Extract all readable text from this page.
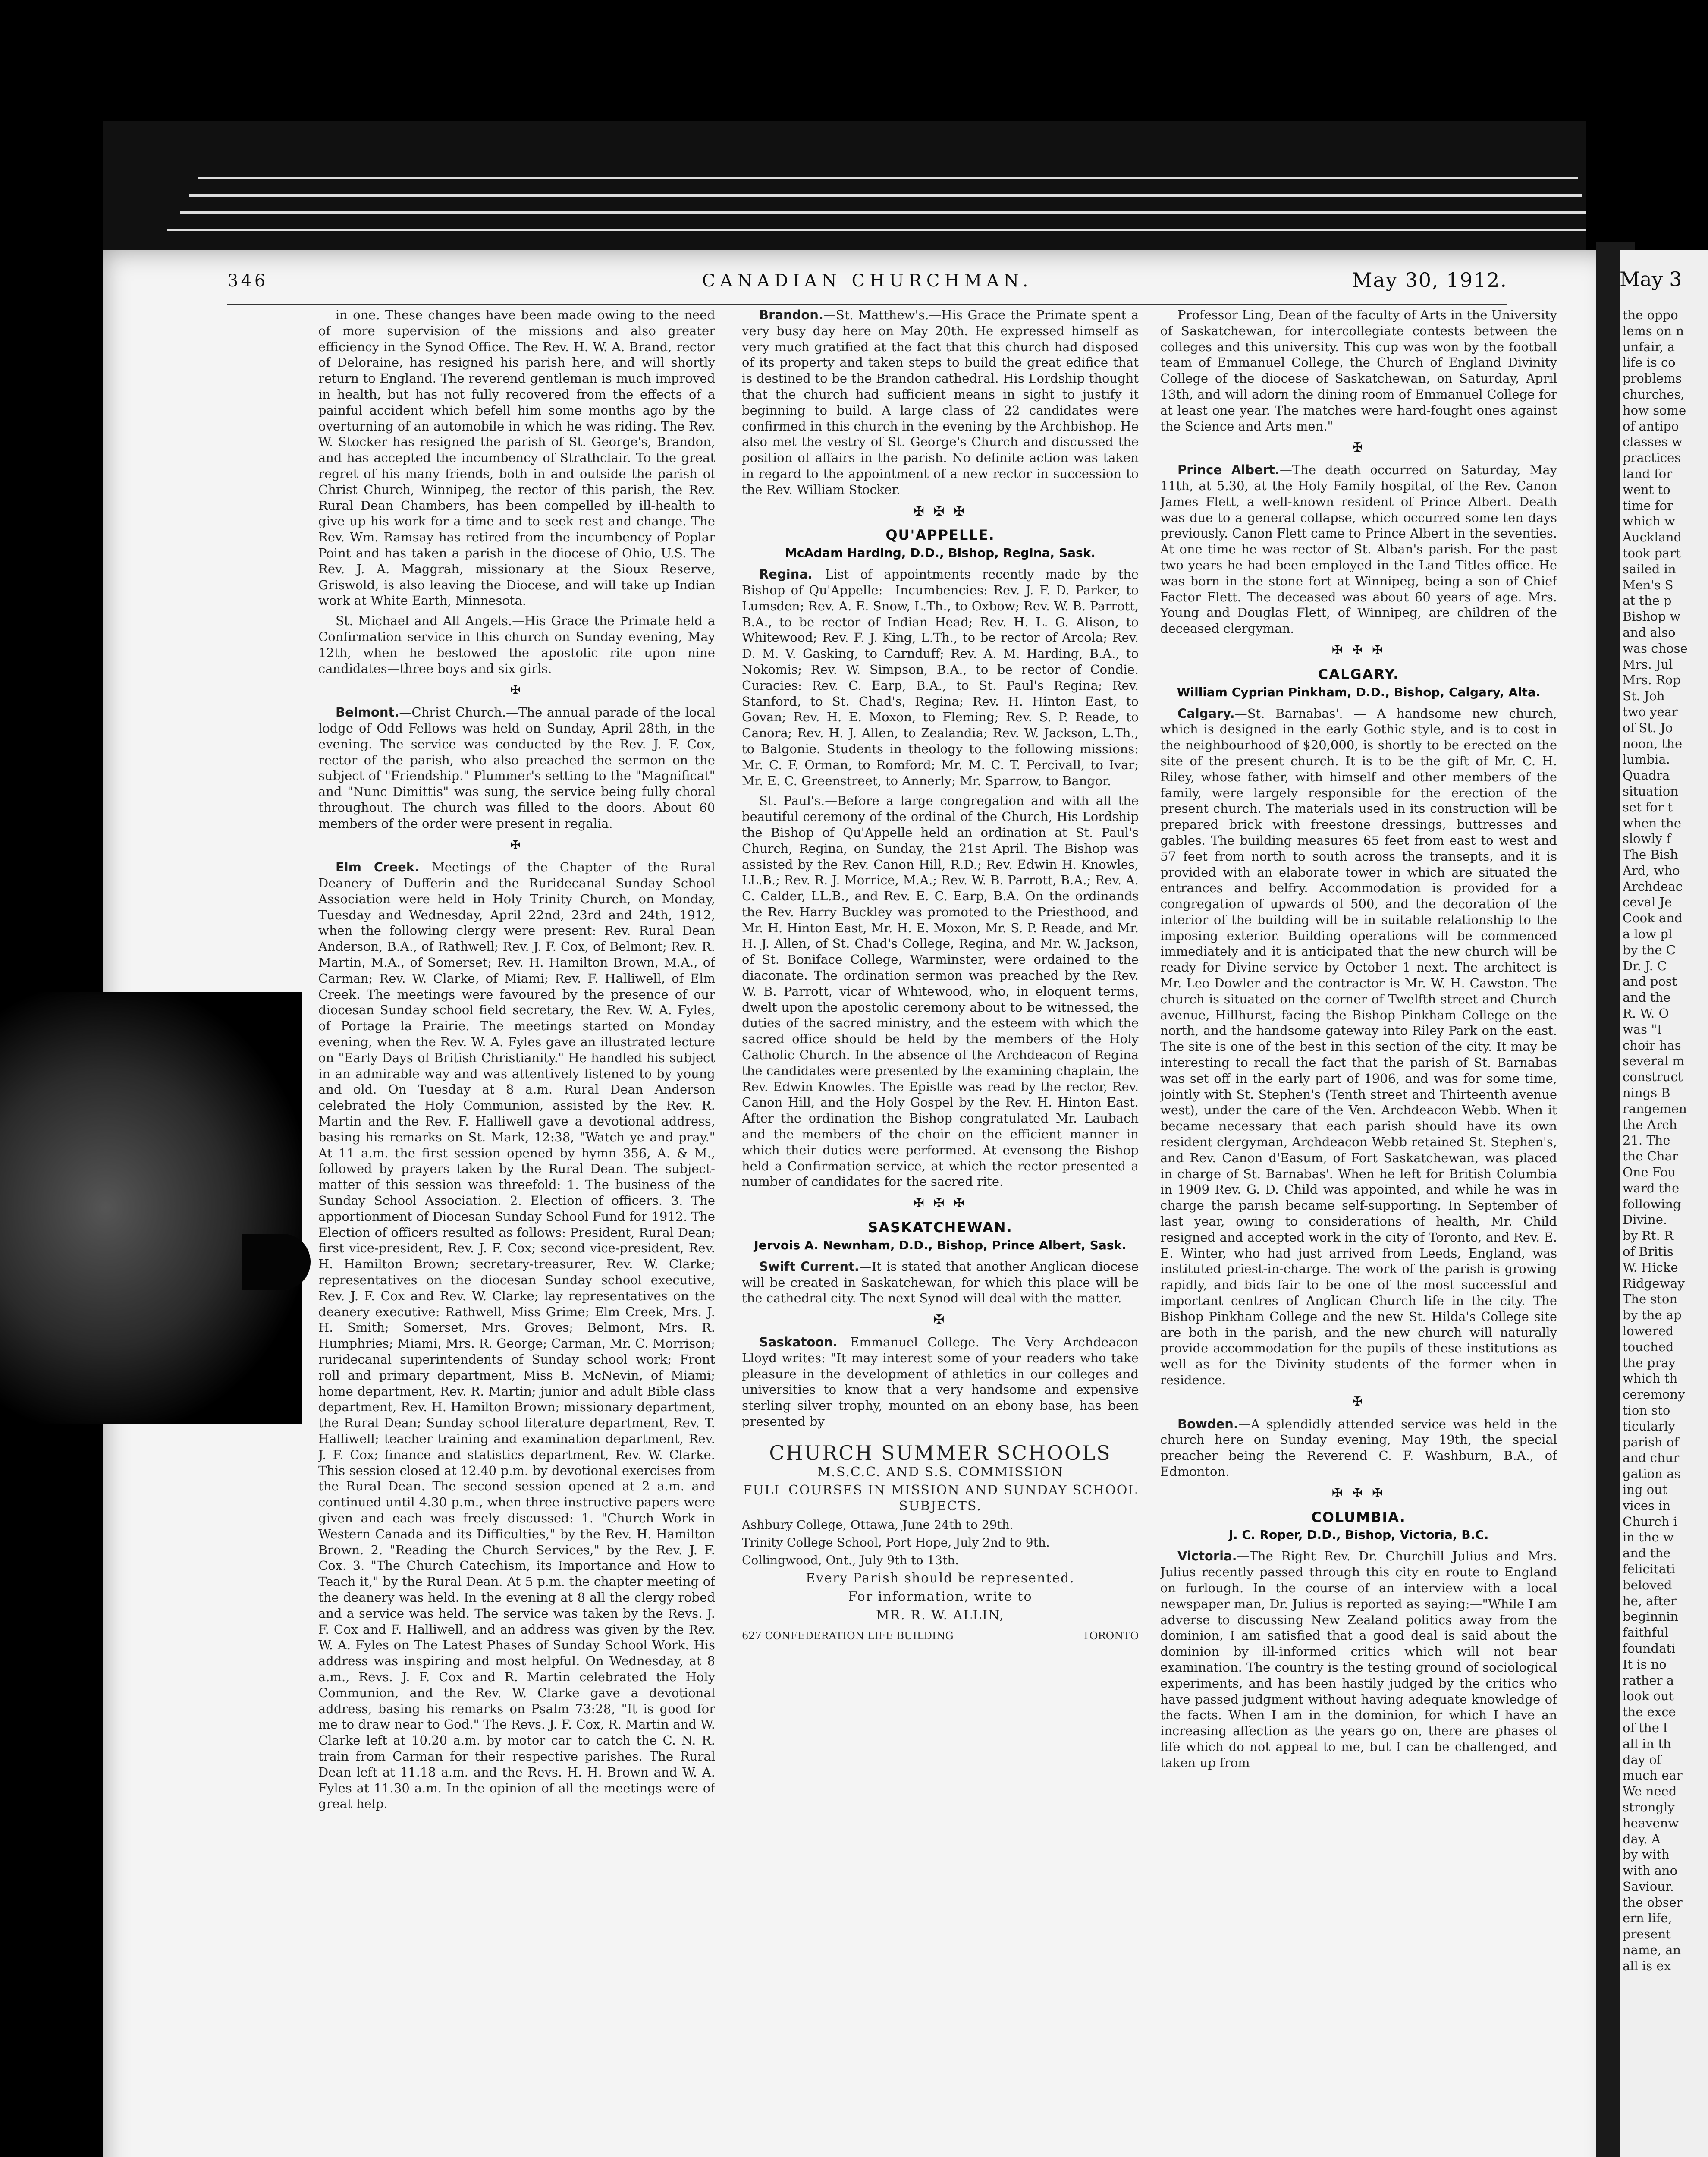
346	CANADIAN CHURCHMAN.	May 30, 1912.	May 3

in one. These changes have been made owing to the need of more supervision of the missions and also greater efficiency in the Synod Office. The Rev. H. W. A. Brand, rector of Deloraine, has resigned his parish here, and will shortly return to England. The reverend gentleman is much improved in health, but has not fully recovered from the effects of a painful accident which befell him some months ago by the overturning of an automobile in which he was riding. The Rev. W. Stocker has resigned the parish of St. George's, Brandon, and has accepted the incumbency of Strathclair. To the great regret of his many friends, both in and outside the parish of Christ Church, Winnipeg, the rector of this parish, the Rev. Rural Dean Chambers, has been compelled by ill-health to give up his work for a time and to seek rest and change. The Rev. Wm. Ramsay has retired from the incumbency of Poplar Point and has taken a parish in the diocese of Ohio, U.S. The Rev. J. A. Maggrah, missionary at the Sioux Reserve, Griswold, is also leaving the Diocese, and will take up Indian work at White Earth, Minnesota.

St. Michael and All Angels.—His Grace the Primate held a Confirmation service in this church on Sunday evening, May 12th, when he bestowed the apostolic rite upon nine candidates—three boys and six girls.

✠

Belmont.—Christ Church.—The annual parade of the local lodge of Odd Fellows was held on Sunday, April 28th, in the evening. The service was conducted by the Rev. J. F. Cox, rector of the parish, who also preached the sermon on the subject of "Friendship." Plummer's setting to the "Magnificat" and "Nunc Dimittis" was sung, the service being fully choral throughout. The church was filled to the doors. About 60 members of the order were present in regalia.

✠

Elm Creek.—Meetings of the Chapter of the Rural Deanery of Dufferin and the Ruridecanal Sunday School Association were held in Holy Trinity Church, on Monday, Tuesday and Wednesday, April 22nd, 23rd and 24th, 1912, when the following clergy were present: Rev. Rural Dean Anderson, B.A., of Rathwell; Rev. J. F. Cox, of Belmont; Rev. R. Martin, M.A., of Somerset; Rev. H. Hamilton Brown, M.A., of Carman; Rev. W. Clarke, of Miami; Rev. F. Halliwell, of Elm Creek. The meetings were favoured by the presence of our diocesan Sunday school field secretary, the Rev. W. A. Fyles, of Portage la Prairie. The meetings started on Monday evening, when the Rev. W. A. Fyles gave an illustrated lecture on "Early Days of British Christianity." He handled his subject in an admirable way and was attentively listened to by young and old. On Tuesday at 8 a.m. Rural Dean Anderson celebrated the Holy Communion, assisted by the Rev. R. Martin and the Rev. F. Halliwell gave a devotional address, basing his remarks on St. Mark, 12:38, "Watch ye and pray." At 11 a.m. the first session opened by hymn 356, A. & M., followed by prayers taken by the Rural Dean. The subject-matter of this session was threefold: 1. The business of the Sunday School Association. 2. Election of officers. 3. The apportionment of Diocesan Sunday School Fund for 1912. The Election of officers resulted as follows: President, Rural Dean; first vice-president, Rev. J. F. Cox; second vice-president, Rev. H. Hamilton Brown; secretary-treasurer, Rev. W. Clarke; representatives on the diocesan Sunday school executive, Rev. J. F. Cox and Rev. W. Clarke; lay representatives on the deanery executive: Rathwell, Miss Grime; Elm Creek, Mrs. J. H. Smith; Somerset, Mrs. Groves; Belmont, Mrs. R. Humphries; Miami, Mrs. R. George; Carman, Mr. C. Morrison; ruridecanal superintendents of Sunday school work; Front roll and primary department, Miss B. McNevin, of Miami; home department, Rev. R. Martin; junior and adult Bible class department, Rev. H. Hamilton Brown; missionary department, the Rural Dean; Sunday school literature department, Rev. T. Halliwell; teacher training and examination department, Rev. J. F. Cox; finance and statistics department, Rev. W. Clarke. This session closed at 12.40 p.m. by devotional exercises from the Rural Dean. The second session opened at 2 a.m. and continued until 4.30 p.m., when three instructive papers were given and each was freely discussed: 1. "Church Work in Western Canada and its Difficulties," by the Rev. H. Hamilton Brown. 2. "Reading the Church Services," by the Rev. J. F. Cox. 3. "The Church Catechism, its Importance and How to Teach it," by the Rural Dean. At 5 p.m. the chapter meeting of the deanery was held. In the evening at 8 all the clergy robed and a service was held. The service was taken by the Revs. J. F. Cox and F. Halliwell, and an address was given by the Rev. W. A. Fyles on The Latest Phases of Sunday School Work. His address was inspiring and most helpful. On Wednesday, at 8 a.m., Revs. J. F. Cox and R. Martin celebrated the Holy Communion, and the Rev. W. Clarke gave a devotional address, basing his remarks on Psalm 73:28, "It is good for me to draw near to God." The Revs. J. F. Cox, R. Martin and W. Clarke left at 10.20 a.m. by motor car to catch the C. N. R. train from Carman for their respective parishes. The Rural Dean left at 11.18 a.m. and the Revs. H. H. Brown and W. A. Fyles at 11.30 a.m. In the opinion of all the meetings were of great help.

Brandon.—St. Matthew's.—His Grace the Primate spent a very busy day here on May 20th. He expressed himself as very much gratified at the fact that this church had disposed of its property and taken steps to build the great edifice that is destined to be the Brandon cathedral. His Lordship thought that the church had sufficient means in sight to justify it beginning to build. A large class of 22 candidates were confirmed in this church in the evening by the Archbishop. He also met the vestry of St. George's Church and discussed the position of affairs in the parish. No definite action was taken in regard to the appointment of a new rector in succession to the Rev. William Stocker.

✠ ✠ ✠
QU'APPELLE.
McAdam Harding, D.D., Bishop, Regina, Sask.

Regina.—List of appointments recently made by the Bishop of Qu'Appelle:—Incumbencies: Rev. J. F. D. Parker, to Lumsden; Rev. A. E. Snow, L.Th., to Oxbow; Rev. W. B. Parrott, B.A., to be rector of Indian Head; Rev. H. L. G. Alison, to Whitewood; Rev. F. J. King, L.Th., to be rector of Arcola; Rev. D. M. V. Gasking, to Carnduff; Rev. A. M. Harding, B.A., to Nokomis; Rev. W. Simpson, B.A., to be rector of Condie. Curacies: Rev. C. Earp, B.A., to St. Paul's Regina; Rev. Stanford, to St. Chad's, Regina; Rev. H. Hinton East, to Govan; Rev. H. E. Moxon, to Fleming; Rev. S. P. Reade, to Canora; Rev. H. J. Allen, to Zealandia; Rev. W. Jackson, L.Th., to Balgonie. Students in theology to the following missions: Mr. C. F. Orman, to Romford; Mr. M. C. T. Percivall, to Ivar; Mr. E. C. Greenstreet, to Annerly; Mr. Sparrow, to Bangor.

St. Paul's.—Before a large congregation and with all the beautiful ceremony of the ordinal of the Church, His Lordship the Bishop of Qu'Appelle held an ordination at St. Paul's Church, Regina, on Sunday, the 21st April. The Bishop was assisted by the Rev. Canon Hill, R.D.; Rev. Edwin H. Knowles, LL.B.; Rev. R. J. Morrice, M.A.; Rev. W. B. Parrott, B.A.; Rev. A. C. Calder, LL.B., and Rev. E. C. Earp, B.A. On the ordinands the Rev. Harry Buckley was promoted to the Priesthood, and Mr. H. Hinton East, Mr. H. E. Moxon, Mr. S. P. Reade, and Mr. H. J. Allen, of St. Chad's College, Regina, and Mr. W. Jackson, of St. Boniface College, Warminster, were ordained to the diaconate. The ordination sermon was preached by the Rev. W. B. Parrott, vicar of Whitewood, who, in eloquent terms, dwelt upon the apostolic ceremony about to be witnessed, the duties of the sacred ministry, and the esteem with which the sacred office should be held by the members of the Holy Catholic Church. In the absence of the Archdeacon of Regina the candidates were presented by the examining chaplain, the Rev. Edwin Knowles. The Epistle was read by the rector, Rev. Canon Hill, and the Holy Gospel by the Rev. H. Hinton East. After the ordination the Bishop congratulated Mr. Laubach and the members of the choir on the efficient manner in which their duties were performed. At evensong the Bishop held a Confirmation service, at which the rector presented a number of candidates for the sacred rite.

✠ ✠ ✠
SASKATCHEWAN.
Jervois A. Newnham, D.D., Bishop, Prince Albert, Sask.

Swift Current.—It is stated that another Anglican diocese will be created in Saskatchewan, for which this place will be the cathedral city. The next Synod will deal with the matter.

✠

Saskatoon.—Emmanuel College.—The Very Archdeacon Lloyd writes: "It may interest some of your readers who take pleasure in the development of athletics in our colleges and universities to know that a very handsome and expensive sterling silver trophy, mounted on an ebony base, has been presented by

CHURCH SUMMER SCHOOLS
M.S.C.C. AND S.S. COMMISSION
FULL COURSES IN MISSION AND SUNDAY SCHOOL SUBJECTS.
Ashbury College, Ottawa, June 24th to 29th.
Trinity College School, Port Hope, July 2nd to 9th.
Collingwood, Ont., July 9th to 13th.
Every Parish should be represented.
For information, write to
MR. R. W. ALLIN,
627 CONFEDERATION LIFE BUILDING	TORONTO

Professor Ling, Dean of the faculty of Arts in the University of Saskatchewan, for intercollegiate contests between the colleges and this university. This cup was won by the football team of Emmanuel College, the Church of England Divinity College of the diocese of Saskatchewan, on Saturday, April 13th, and will adorn the dining room of Emmanuel College for at least one year. The matches were hard-fought ones against the Science and Arts men."

✠

Prince Albert.—The death occurred on Saturday, May 11th, at 5.30, at the Holy Family hospital, of the Rev. Canon James Flett, a well-known resident of Prince Albert. Death was due to a general collapse, which occurred some ten days previously. Canon Flett came to Prince Albert in the seventies. At one time he was rector of St. Alban's parish. For the past two years he had been employed in the Land Titles office. He was born in the stone fort at Winnipeg, being a son of Chief Factor Flett. The deceased was about 60 years of age. Mrs. Young and Douglas Flett, of Winnipeg, are children of the deceased clergyman.

✠ ✠ ✠
CALGARY.
William Cyprian Pinkham, D.D., Bishop, Calgary, Alta.

Calgary.—St. Barnabas'. — A handsome new church, which is designed in the early Gothic style, and is to cost in the neighbourhood of $20,000, is shortly to be erected on the site of the present church. It is to be the gift of Mr. C. H. Riley, whose father, with himself and other members of the family, were largely responsible for the erection of the present church. The materials used in its construction will be prepared brick with freestone dressings, buttresses and gables. The building measures 65 feet from east to west and 57 feet from north to south across the transepts, and it is provided with an elaborate tower in which are situated the entrances and belfry. Accommodation is provided for a congregation of upwards of 500, and the decoration of the interior of the building will be in suitable relationship to the imposing exterior. Building operations will be commenced immediately and it is anticipated that the new church will be ready for Divine service by October 1 next. The architect is Mr. Leo Dowler and the contractor is Mr. W. H. Cawston. The church is situated on the corner of Twelfth street and Church avenue, Hillhurst, facing the Bishop Pinkham College on the north, and the handsome gateway into Riley Park on the east. The site is one of the best in this section of the city. It may be interesting to recall the fact that the parish of St. Barnabas was set off in the early part of 1906, and was for some time, jointly with St. Stephen's (Tenth street and Thirteenth avenue west), under the care of the Ven. Archdeacon Webb. When it became necessary that each parish should have its own resident clergyman, Archdeacon Webb retained St. Stephen's, and Rev. Canon d'Easum, of Fort Saskatchewan, was placed in charge of St. Barnabas'. When he left for British Columbia in 1909 Rev. G. D. Child was appointed, and while he was in charge the parish became self-supporting. In September of last year, owing to considerations of health, Mr. Child resigned and accepted work in the city of Toronto, and Rev. E. E. Winter, who had just arrived from Leeds, England, was instituted priest-in-charge. The work of the parish is growing rapidly, and bids fair to be one of the most successful and important centres of Anglican Church life in the city. The Bishop Pinkham College and the new St. Hilda's College site are both in the parish, and the new church will naturally provide accommodation for the pupils of these institutions as well as for the Divinity students of the former when in residence.

✠

Bowden.—A splendidly attended service was held in the church here on Sunday evening, May 19th, the special preacher being the Reverend C. F. Washburn, B.A., of Edmonton.

✠ ✠ ✠
COLUMBIA.
J. C. Roper, D.D., Bishop, Victoria, B.C.

Victoria.—The Right Rev. Dr. Churchill Julius and Mrs. Julius recently passed through this city en route to England on furlough. In the course of an interview with a local newspaper man, Dr. Julius is reported as saying:—"While I am adverse to discussing New Zealand politics away from the dominion, I am satisfied that a good deal is said about the dominion by ill-informed critics which will not bear examination. The country is the testing ground of sociological experiments, and has been hastily judged by the critics who have passed judgment without having adequate knowledge of the facts. When I am in the dominion, for which I have an increasing affection as the years go on, there are phases of life which do not appeal to me, but I can be challenged, and taken up from

the oppo
lems on n
unfair, a
life is co
problems
churches,
how some
of antipo
classes w
practices
land for
went to
time for
which w
Auckland
took part
sailed in
Men's S
at the p
Bishop w
and also
was chose
Mrs. Jul
Mrs. Rop
St. Joh
two year
of St. Jo
noon, the
lumbia.
Quadra
situation
set for t
when the
slowly f
The Bish
Ard, who
Archdeac
ceval Je
Cook and
a low pl
by the C
Dr. J. C
and post
and the
R. W. O
was "I
choir has
several m
construct
nings B
rangemen
the Arch
21. The
the Char
One Fou
ward the
following
Divine.
by Rt. R
of Britis
W. Hicke
Ridgeway
The ston
by the ap
lowered
touched
the pray
which th
ceremony
tion sto
ticularly
parish of
and chur
gation as
ing out
vices in
Church i
in the w
and the
felicitati
beloved
he, after
beginnin
faithful
foundati
It is no
rather a
look out
the exce
of the l
all in th
day of
much ear
We need
strongly
heavenw
day. A
by with
with ano
Saviour.
the obser
ern life,
present
name, an
all is ex
